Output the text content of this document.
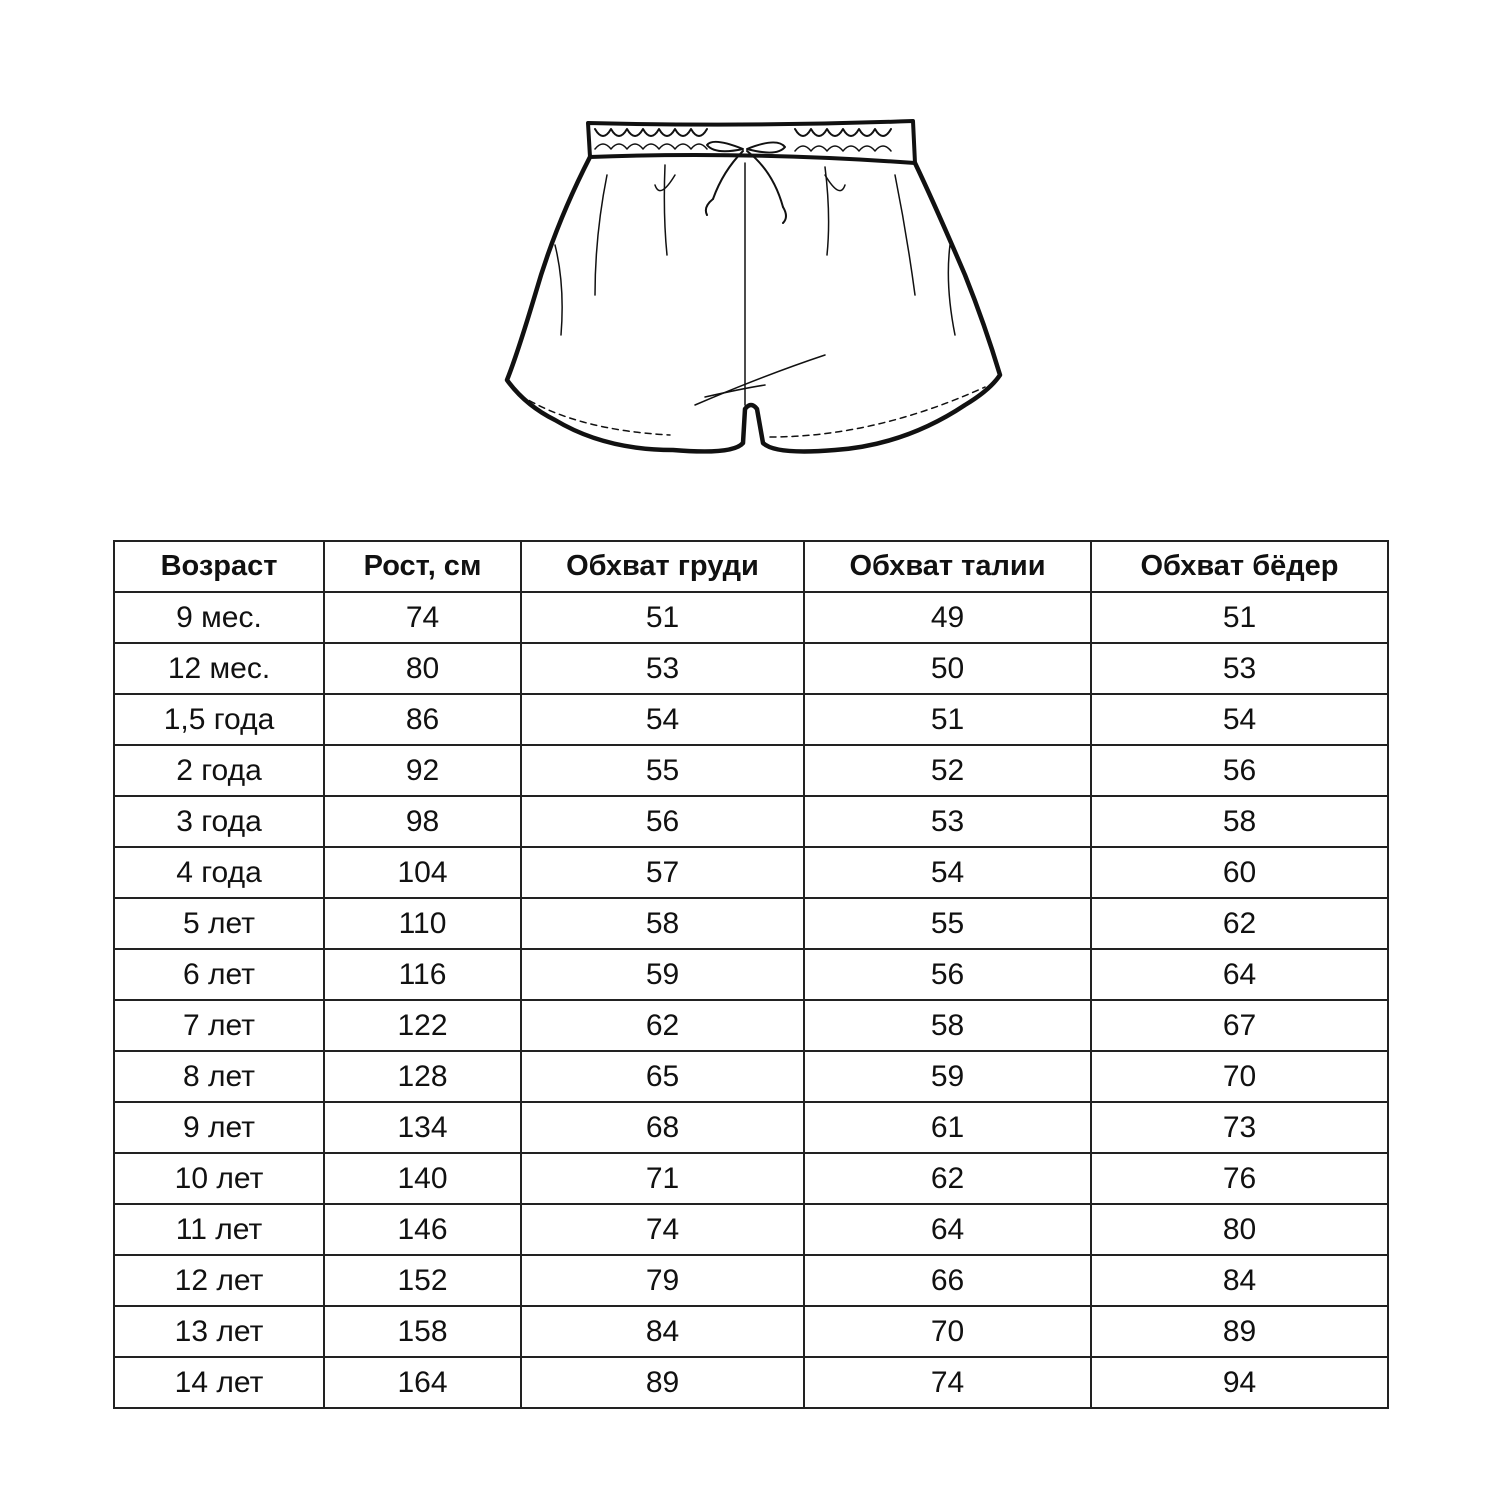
Возраст	Рост, см	Обхват груди	Обхват талии	Обхват бёдер
9 мес.	74	51	49	51
12 мес.	80	53	50	53
1,5 года	86	54	51	54
2 года	92	55	52	56
3 года	98	56	53	58
4 года	104	57	54	60
5 лет	110	58	55	62
6 лет	116	59	56	64
7 лет	122	62	58	67
8 лет	128	65	59	70
9 лет	134	68	61	73
10 лет	140	71	62	76
11 лет	146	74	64	80
12 лет	152	79	66	84
13 лет	158	84	70	89
14 лет	164	89	74	94
